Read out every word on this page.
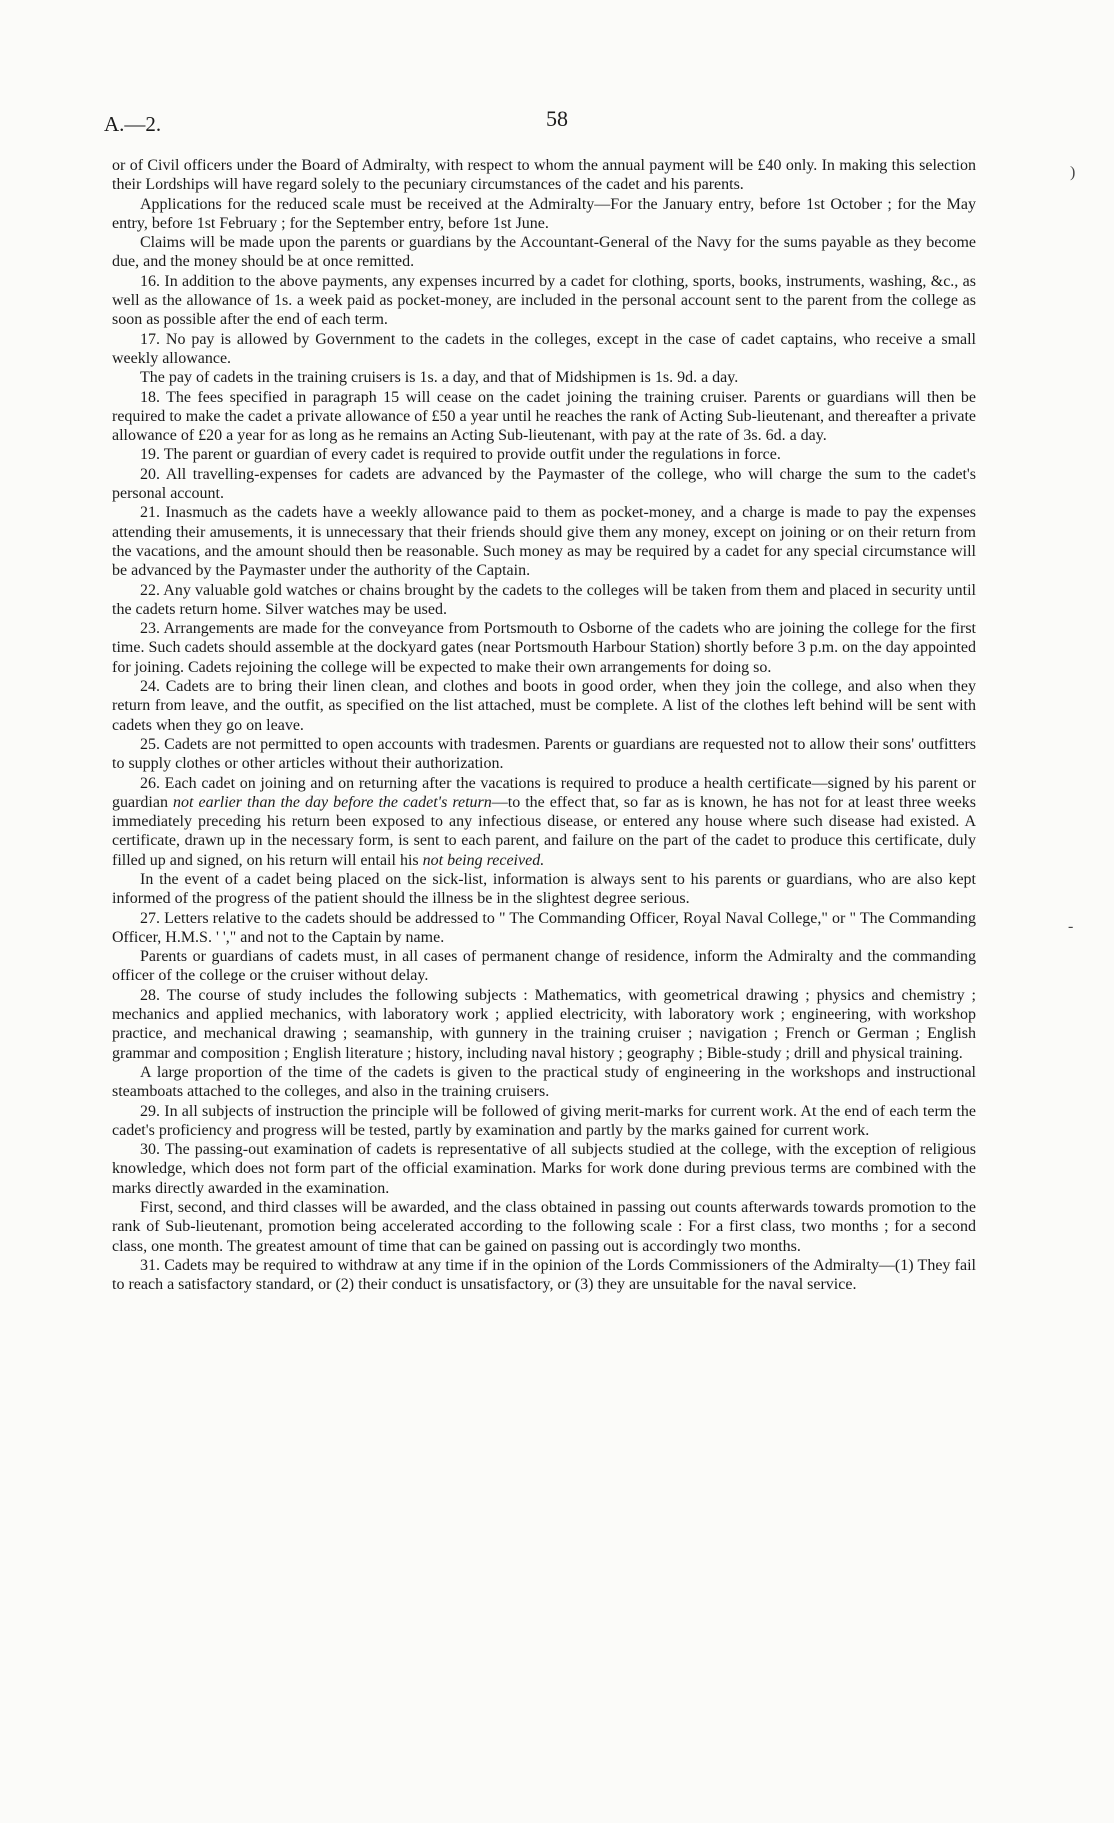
A.—2.	58

or of Civil officers under the Board of Admiralty, with respect to whom the annual payment will be £40 only. In making this selection their Lordships will have regard solely to the pecuniary circumstances of the cadet and his parents.

Applications for the reduced scale must be received at the Admiralty—For the January entry, before 1st October ; for the May entry, before 1st February ; for the September entry, before 1st June.

Claims will be made upon the parents or guardians by the Accountant-General of the Navy for the sums payable as they become due, and the money should be at once remitted.

16. In addition to the above payments, any expenses incurred by a cadet for clothing, sports, books, instruments, washing, &c., as well as the allowance of 1s. a week paid as pocket-money, are included in the personal account sent to the parent from the college as soon as possible after the end of each term.

17. No pay is allowed by Government to the cadets in the colleges, except in the case of cadet captains, who receive a small weekly allowance.

The pay of cadets in the training cruisers is 1s. a day, and that of Midshipmen is 1s. 9d. a day.

18. The fees specified in paragraph 15 will cease on the cadet joining the training cruiser. Parents or guardians will then be required to make the cadet a private allowance of £50 a year until he reaches the rank of Acting Sub-lieutenant, and thereafter a private allowance of £20 a year for as long as he remains an Acting Sub-lieutenant, with pay at the rate of 3s. 6d. a day.

19. The parent or guardian of every cadet is required to provide outfit under the regulations in force.

20. All travelling-expenses for cadets are advanced by the Paymaster of the college, who will charge the sum to the cadet's personal account.

21. Inasmuch as the cadets have a weekly allowance paid to them as pocket-money, and a charge is made to pay the expenses attending their amusements, it is unnecessary that their friends should give them any money, except on joining or on their return from the vacations, and the amount should then be reasonable. Such money as may be required by a cadet for any special circumstance will be advanced by the Paymaster under the authority of the Captain.

22. Any valuable gold watches or chains brought by the cadets to the colleges will be taken from them and placed in security until the cadets return home. Silver watches may be used.

23. Arrangements are made for the conveyance from Portsmouth to Osborne of the cadets who are joining the college for the first time. Such cadets should assemble at the dockyard gates (near Portsmouth Harbour Station) shortly before 3 p.m. on the day appointed for joining. Cadets rejoining the college will be expected to make their own arrangements for doing so.

24. Cadets are to bring their linen clean, and clothes and boots in good order, when they join the college, and also when they return from leave, and the outfit, as specified on the list attached, must be complete. A list of the clothes left behind will be sent with cadets when they go on leave.

25. Cadets are not permitted to open accounts with tradesmen. Parents or guardians are requested not to allow their sons' outfitters to supply clothes or other articles without their authorization.

26. Each cadet on joining and on returning after the vacations is required to produce a health certificate—signed by his parent or guardian not earlier than the day before the cadet's return—to the effect that, so far as is known, he has not for at least three weeks immediately preceding his return been exposed to any infectious disease, or entered any house where such disease had existed. A certificate, drawn up in the necessary form, is sent to each parent, and failure on the part of the cadet to produce this certificate, duly filled up and signed, on his return will entail his not being received.

In the event of a cadet being placed on the sick-list, information is always sent to his parents or guardians, who are also kept informed of the progress of the patient should the illness be in the slightest degree serious.

27. Letters relative to the cadets should be addressed to " The Commanding Officer, Royal Naval College," or " The Commanding Officer, H.M.S. ' '," and not to the Captain by name.

Parents or guardians of cadets must, in all cases of permanent change of residence, inform the Admiralty and the commanding officer of the college or the cruiser without delay.

28. The course of study includes the following subjects : Mathematics, with geometrical drawing ; physics and chemistry ; mechanics and applied mechanics, with laboratory work ; applied electricity, with laboratory work ; engineering, with workshop practice, and mechanical drawing ; seamanship, with gunnery in the training cruiser ; navigation ; French or German ; English grammar and composition ; English literature ; history, including naval history ; geography ; Bible-study ; drill and physical training.

A large proportion of the time of the cadets is given to the practical study of engineering in the workshops and instructional steamboats attached to the colleges, and also in the training cruisers.

29. In all subjects of instruction the principle will be followed of giving merit-marks for current work. At the end of each term the cadet's proficiency and progress will be tested, partly by examination and partly by the marks gained for current work.

30. The passing-out examination of cadets is representative of all subjects studied at the college, with the exception of religious knowledge, which does not form part of the official examination. Marks for work done during previous terms are combined with the marks directly awarded in the examination.

First, second, and third classes will be awarded, and the class obtained in passing out counts afterwards towards promotion to the rank of Sub-lieutenant, promotion being accelerated according to the following scale : For a first class, two months ; for a second class, one month. The greatest amount of time that can be gained on passing out is accordingly two months.

31. Cadets may be required to withdraw at any time if in the opinion of the Lords Commissioners of the Admiralty—(1) They fail to reach a satisfactory standard, or (2) their conduct is unsatisfactory, or (3) they are unsuitable for the naval service.

)
-
